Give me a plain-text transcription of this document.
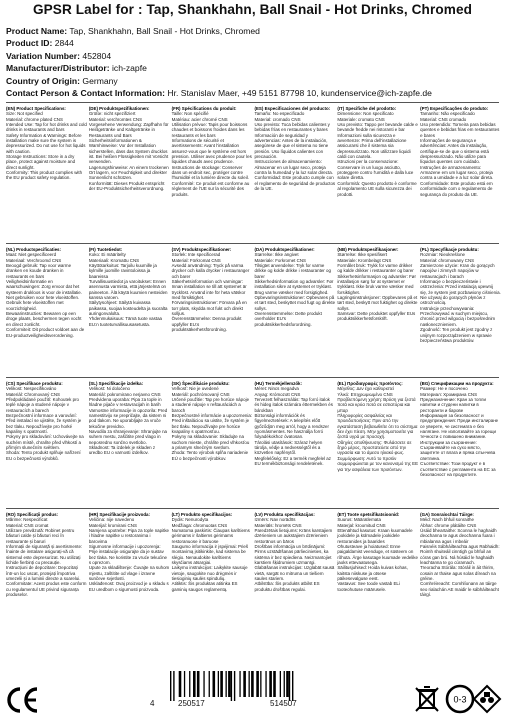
GPSR Label for : Tap, Shankhahn, Ball Snail - Hot Drinks, Chromed
Product Name: Tap, Shankhahn, Ball Snail - Hot Drinks, Chromed
Product ID: 2844
Variation Number: 452804
Manufacturer/Distributor: ich-zapfe
Country of Origin: Germany
Contact Person & Contact Information: Hr. Stanislav Maer, +49 5151 87798 10, kundenservice@ich-zapfe.de
(EN) Product Specifications:

Size: Not specified
Material: chrome plated CNS
Intended Use: Tap for hot drinks and cold drinks in restaurants and bars
Safety Information & Warnings: Before installation make sure the system is depressurized. Do not use for hot liquids with caution.
Storage Instructions: Store in a dry place, protect against moisture and direct sunlight.
Conformity: This product complies with the EU product safety regulation.

(DE) Produktspezifikationen:

Größe: nicht spezifiziert
Material: verchromtes CNS
Vorgesehene Verwendung: Zapfhahn für Heißgetränke und Kaltgetränke in Restaurants und Bars
Sicherheitsinformationen & Warnhinweise: Vor der Installation sicherstellen, dass das System drucklos ist. Bei heißen Flüssigkeiten mit Vorsicht verwenden.
Lagerungshinweise: An einem trockenen Ort lagern, vor Feuchtigkeit und direkter Sonnenlicht schützen.
Konformität: Dieses Produkt entspricht der EU-Produktsicherheitsverordnung.

(FR) Spécifications du produit:

Taille: Non spécifié
Matériau: acier chromé CNS
Utilisation prévue: Tapis pour boissons chaudes et boissons froides dans les restaurants et les bars
Informations de sécurité et avertissements: Avant l'installation assurez-vous que le système est hors pression. Utiliser avec prudence pour les liquides chauds avec prudence.
Instructions de stockage: Conserver dans un endroit sec, protéger contre l'humidité et la lumière directe du soleil.
Conformité: Ce produit est conforme au règlement de l'UE sur la sécurité des produits.

(ES) Especificaciones del producto:

Tamaño: No especificado
Material: cromado CNS
Uso previsto: Toca bebidas calientes y bebidas frías en restaurantes y bares
Información de seguridad y advertencias: Antes de la instalación, asegúrese de que el sistema no tiene presión. Uso líquidos calientes con precaución.
Instrucciones de almacenamiento: Almacenar en un lugar seco, proteja contra la humedad y la luz solar directa.
Conformidad: Este producto cumple con el reglamento de seguridad de productos de la UE.

(IT) Specifiche del prodotto:

Dimensione: Non specificato
Materiale: cromato CNS
Uso previsto: Tappo per bevande calde e bevande fredde nei ristoranti e bar
Informazioni sulla sicurezza e avvertenze: Prima dell'installazione assicurarsi che il sistema sia depressurizzato. Non utilizzare liquidi caldi con cautela.
Istruzioni per la conservazione: Conservare in un luogo asciutto, proteggere contro l'umidità e dalla luce solare diretta.
Conformità: Questo prodotto è conforme al regolamento UE sulla sicurezza dei prodotti.

(PT) Especificações do produto:

Tamanho: Não especificado
Material: CNS cromado
Uso pretendido: Torneira para bebidas quentes e bebidas frias em restaurantes e bares
Informações de segurança e advertências: Antes da instalação, certifique-se de que o sistema está despressurizado. Não utilize para líquidos quentes com cuidado.
Instruções de armazenamento: Armazene em um lugar seco, proteja contra a umidade e a luz solar direta.
Conformidade: Este produto está em conformidade com o regulamento de segurança do produto da UE.

(NL) Productspecificaties:

Maat: Niet gespecificeerd
Materiaal: Verchroomd CNS
Beoogd gebruik: Tap voor warme dranken en koude dranken in restaurants en bars
Veiligheidsinformatie en waarschuwingen: Zorg ervoor dat het systeem drukloos is voor de installatie. Niet gebruiken voor hete vloeistoffen. Gebruik hete vloeistoffen met voorzichtigheid.
Bewaarinstructies: Bewaren op een droge plaats, beschermen tegen vocht en direct zonlicht.
Conformiteit: Dit product voldoet aan de EU-productveiligheidsverordening.

(FI) Tuotetiedot:

Koko: Ei määritelty
Materiaali: Kromattu CNS
Käyttötarkoitus: Tarjoilu kuumille ja kylmille juomille ravintoloissa ja baareissa
Turvallisuustiedot ja varoitukset: Ennen asennusta varmista, että järjestelmä on paineeton. Älä käytä kuumien nesteiden kanssa varoen.
Säilytysohjeet: Säilytä kuivassa paikassa, suojaa kosteudelta ja suoralta auringonvalolta.
Yhdenmukaisuus: Tämä tuote vastaa EU:n tuoteturvallisuusasetusta.

(SV) Produktspecifikationer:

Storlek: Inte specificerad
Material: Förkromat CNS
Avsedd användning: Tryck på varma drycker och kalla drycker i restauranger och barer
Säkerhetsinformation och varningar: Innan installation se till att systemet är trycklöst. Använd inte för heta vätskor med försiktighet.
Förvaringsinstruktioner: Förvara på en torr plats, skydda mot fukt och direkt solljus.
Överensstämmelse: Denna produkt uppfyller EU:s produktsäkerhetsförordning.

(DA) Produktspecifikationer:

Størrelse: Ikke angivet
Materiale: Forkromet CNS
Tilsigtet anvendelse: Tryk for varme drikke og kolde drikke i restauranter og barer
Sikkerhedsinformation og advarsler: Før installation sikre at systemet er trykløst. Brug varme væsker med forsigtighed.
Opbevaringsinstruktioner: Opbevares på et tørt sted, beskyttet mod fugt og direkte sollys.
Overensstemmelse: Dette produkt overholder EU's produktsikkerhedsforordning.

(NB) Produktspesifikasjoner:

Størrelse: Ikke spesifisert
Materiale: Krombelagt CNS
Formålet bruk: Trykk for varme drikker og kalde drikker i restauranter og barer
Sikkerhetsinformasjon og advarsler: Før installasjon sørg for at systemet er trykkløst. Ikke bruk varme væsker med forsiktighet.
Lagringsinstruksjoner: Oppbevares på et tørt sted, beskytt mot fuktighet og direkte sollys.
Samsvar: Dette produktet oppfyller EUs produktsikkerhetsforskrift.

(PL) Specyfikacje produktu:

Rozmiar: Nieokreślone
Materiał: chromowany CNS
Zamierzone użycie: Kran do gorących napojów i zimnych napojów w restauracjach i barach
Informacje o bezpieczeństwie i ostrzeżenia: Przed instalacją upewnij się, że system jest pozbawiony ciśnienia. Nie używaj do gorących płynów z ostrożnością.
Instrukcje przechowywania: Przechowywać w suchym miejscu, chronić przed wilgocią i bezpośrednim nasłonecznieniem.
Zgodność: Ten produkt jest zgodny z unijnym rozporządzeniem w sprawie bezpieczeństwa produktów.

(CS) Specifikace produktu:

Velikost: Nespecifikováno
Materiál: Chromovaný CNS
Předpokládané použití: Kohoutek pro teplé nápoje a studené nápoje v restauracích a barech
Bezpečnostní informace a varování: Před instalací se ujistěte, že systém je bez tlaku. Nepoužívejte pro horké kapaliny s opatrností.
Pokyny pro skladování: Uchovávejte na suchém místě, chraňte před vlhkostí a přímým slunečním světlem.
Shoda: Tento produkt splňuje nařízení EU o bezpečnosti výrobků.

(SL) Specifikacije izdelka:

Velikost: Ni določeno
Materiál: pokromirano nerjavno CNS
Predvidena uporaba: Pipa za tople in hladne pijače v restavracijah in barih
Varnostne informacije in opozorila: Pred namestitvijo se prepričajte, da sistem ni pod tlakom. Ne uporabljajte za vroče tekočine previdno.
Navodila za shranjevanje: Shranjujte na suhem mestu, zaščitite pred vlago in neposredno sončno svetlobo.
Skladnost: Ta izdelek je skladen z uredbo EU o varnosti izdelkov.

(SK) Špecifikácie produktu:

Veľkosť: Nie je uvedené
Materiál: pochrómovaný CNS
Určené použitie: Tap pre horúce nápoje a studené nápoje v reštauráciách a baroch
Bezpečnostné informácie a upozornenia: Pred inštaláciou sa uistite, že systém je bez tlaku. Nepoužívajte pre horúce kvapaliny s opatrnosťou.
Pokyny na skladovanie: Skladujte na suchom mieste, chráňte pred vlhkosťou a priamym slnečným svetlom.
Zhoda: Tento výrobok spĺňa nariadenie EÚ o bezpečnosti výrobkov.

(HU) Termékjellemzők:

Méret: Nincs megadva
Anyag: Krómozott CNS
Tervezett felhasználás: Tap forró italok és hideg italok számára éttermekben és bárokban
Biztonsági információk és figyelmeztetések: A telepítés előtt győződjön meg arról, hogy a rendszer nyomásmentes. Ne használja forró folyadékokhoz óvatosan.
Tárolási utasítások: Száraz helyen tárolja, védje a nedvességtől és a közvetlen napfénytől.
Megfelelőség: Ez a termék megfelel az EU termékbiztonsági rendeletének.

(EL) Προδιαγραφές προϊόντος:

Μέγεθος: Δεν έχει καθοριστεί
Υλικό: Επιχρωμιωμένο CNS
Προβλεπόμενη χρήση: Βρύση για ζεστά ποτά και κρύα ποτά σε εστιατόρια και μπαρ
Πληροφορίες ασφαλείας και προειδοποιήσεις: Πριν από την εγκατάσταση βεβαιωθείτε ότι το σύστημα δεν έχει πίεση. Μην χρησιμοποιείτε για ζεστά υγρά με προσοχή.
Οδηγίες αποθήκευσης: Φυλάσσετε σε ξηρό μέρος, προστατεύετε από την υγρασία και το άμεσο ηλιακό φως.
Συμμόρφωση: Αυτό το προϊόν συμμορφώνεται με τον κανονισμό της ΕΕ για την ασφάλεια των προϊόντων.

(BG) Спецификации на продукта:

Размер: Не е посочено
Материал: Хромирана CNS
Предназначение: Кран за топли напитки и студени напитки в ресторанти и барове
Информация за безопасност и предупреждения: Преди инсталиране се уверете, че системата е без налягане. Не използвайте за горещи течности с повишено внимание.
Инструкции за съхранение: Съхранявайте на сухо място, защитете от влага и пряка слънчева светлина.
Съответствие: Този продукт е в съответствие с регламента на ЕС за безопасност на продуктите.

(RO) Specificații produs:

Mărime: Nespecificat
Material: CNS cromat
Utilizare prevăzută: Robinet pentru băuturi calde și băuturi reci în restaurante și baruri
Informații de siguranță și avertismente: Înainte de instalare asigurați-vă că sistemul este depresurizat. Nu utilizați lichide fierbinți cu precauție.
Instrucțiuni de depozitare: Depozitați într-un loc uscat, protejați împotriva umezelii și a luminii directe a soarelui.
Conformitate: Acest produs este conform cu regulamentul UE privind siguranța produselor.

(HR) Specifikacije proizvoda:

Veličina: nije navedeno
Materijal: kromirani CNS
Namjena upotrebe: Pipa za tople napitke i hladne napitke u restoranima i barovima
Sigurnosne informacije i upozorenja: Prije instalacije osigurajte da je sustav bez tlaka. Ne koristite za vruće tekućine s oprezom.
Upute za skladištenje: Čuvajte na suhom mjestu, zaštitite od vlage i izravne sunčeve svjetlosti.
Usklađenost: Ovaj proizvod je u skladu s EU uredbom o sigurnosti proizvoda.

(LT) Produkto specifikacijos:

Dydis: Nenurodyta
Medžiaga: chromuotas CNS
Numatoma paskirtis: Čiaupas karštiems gėrimams ir šaltiems gėrimams restoranuose ir baruose
Saugumo informacija ir įspėjimai: Prieš montavimą įsitikinkite, kad sistema be slėgio. Nenaudokite karštiems skysčiams atsargiai.
Laikymo instrukcijos: Laikykite sausoje vietoje, saugokite nuo drėgmės ir tiesioginių saulės spindulių.
Atitiktis: Šis produktas atitinka ES gaminių saugos reglamentą.

(LV) Produkta specifikācijas:

Izmērs: Nav norādīts
Materiāls: hromēts CNS
Paredzētais lietojums: Krāns karstajiem dzērieniem un aukstajiem dzērieniem restorānos un bāros
Drošības informācija un brīdinājumi: Pirms uzstādīšanas pārliecinieties, ka sistēma ir bez spiediena. Neizmantojiet karstiem šķidrumiem uzmanīgi.
Glabāšanas instrukcijas: Uzglabāt sausā vietā, sargāt no mitruma un tiešiem saules stariem.
Atbilstība: Šis produkts atbilst ES produktu drošības regulai.

(ET) Toote spetsifikatsioonid:

Suurus: Määratlemata
Materjal: kroomitud CNS
Ettenähtud kasutus: Kraan kuumadele jookidele ja külmadele jookidele restoranides ja baarides
Ohutusteave ja hoiatused: Enne paigaldamist veenduge, et süsteem on rõhuta. Ärge kasutage kuumade vedelike jaoks ettevaatusega.
Säilitusjuhised: Hoida kuivas kohas, kaitsta niiskuse ja otsese päikesevalguse eest.
Vastavus: See toode vastab ELi tooteohutuse määrusele.

(GA) Sonraíochtaí Táirge:

Méid: Nach bhfuil sonraithe
Ábhar: chrome plátáilte CNS
Úsáid bheartaithe: Sconna le haghaidh deochanna te agus deochanna fuara i mbialanna agus i mbeáir
Faisnéis Sábháilteachta agus Rabhaidh: Roimh shuiteáil cinntigh go bhfuil an córas gan brú. Ná húsáid le haghaidh leachtanna te go cúramach.
Treoracha Stórála: Stóráil in áit thirim, cosain ar thaise agus solas díreach na gréine.
Comhréireacht: Comhlíonann an táirge seo rialachán AE maidir le sábháilteacht táirgí.

4	250517	514507	0-3
